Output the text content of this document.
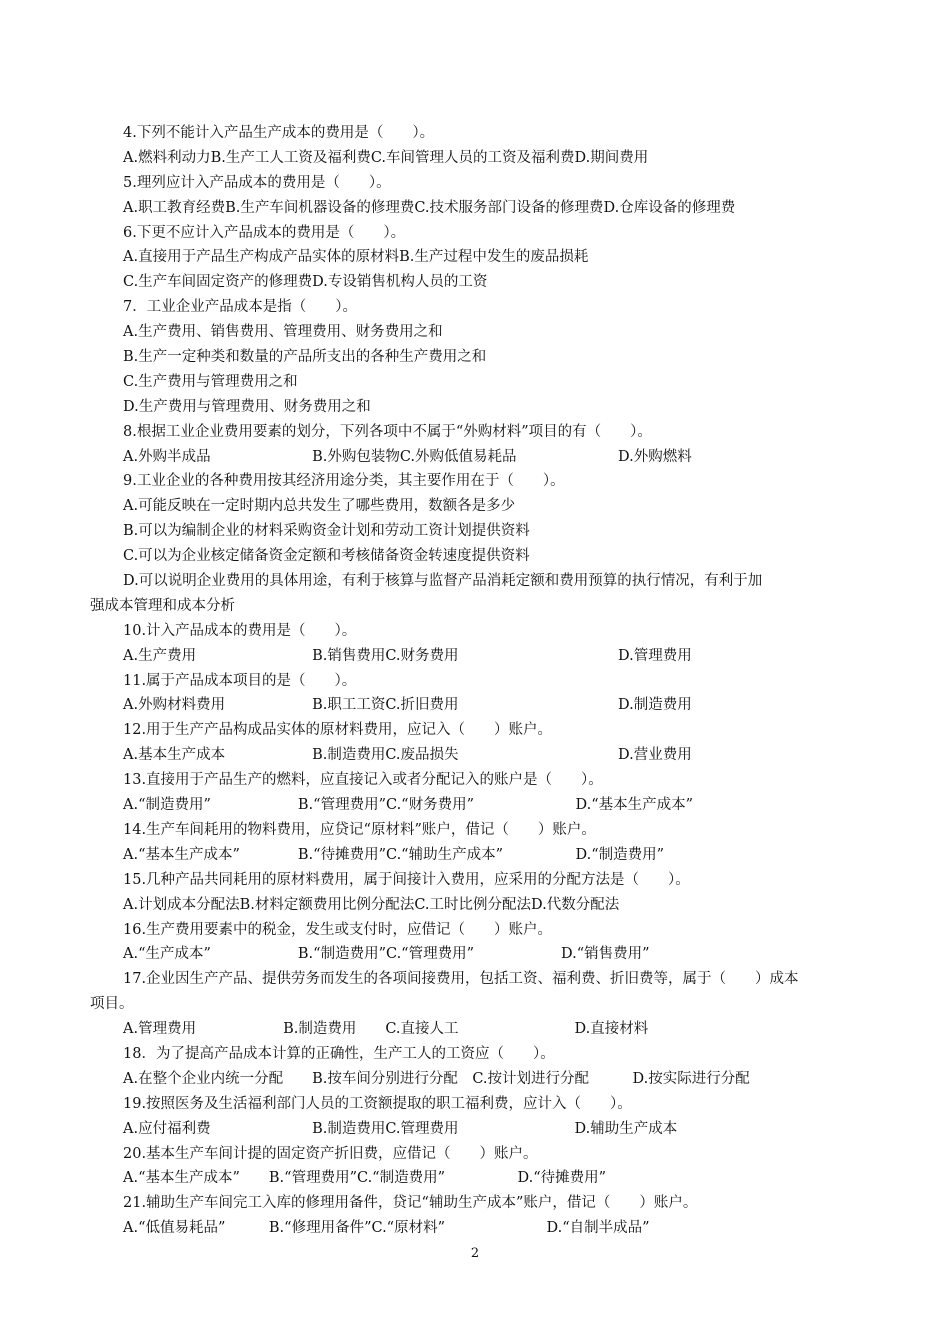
4.下列不能计入产品生产成本的费用是（　　）。
A.燃料利动力B.生产工人工资及福利费C.车间管理人员的工资及福利费D.期间费用
5.理列应计入产品成本的费用是（　　）。
A.职工教育经费B.生产车间机器设备的修理费C.技术服务部门设备的修理费D.仓库设备的修理费
6.下更不应计入产品成本的费用是（　　）。
A.直接用于产品生产构成产品实体的原材料B.生产过程中发生的废品损耗
C.生产车间固定资产的修理费D.专设销售机构人员的工资
7．工业企业产品成本是指（　　）。
A.生产费用、销售费用、管理费用、财务费用之和
B.生产一定种类和数量的产品所支出的各种生产费用之和
C.生产费用与管理费用之和
D.生产费用与管理费用、财务费用之和
8.根据工业企业费用要素的划分，下列各项中不属于“外购材料”项目的有（　　）。
A.外购半成品　　　　　　　B.外购包装物C.外购低值易耗品　　　　　　　D.外购燃料
9.工业企业的各种费用按其经济用途分类，其主要作用在于（　　）。
A.可能反映在一定时期内总共发生了哪些费用，数额各是多少
B.可以为编制企业的材料采购资金计划和劳动工资计划提供资料
C.可以为企业核定储备资金定额和考核储备资金转速度提供资料
D.可以说明企业费用的具体用途，有利于核算与监督产品消耗定额和费用预算的执行情况，有利于加
强成本管理和成本分析
10.计入产品成本的费用是（　　）。
A.生产费用　　　　　　　　B.销售费用C.财务费用　　　　　　　　　　　D.管理费用
11.属于产品成本项目的是（　　）。
A.外购材料费用　　　　　　B.职工工资C.折旧费用　　　　　　　　　　　D.制造费用
12.用于生产产品构成品实体的原材料费用，应记入（　　）账户。
A.基本生产成本　　　　　　B.制造费用C.废品损失　　　　　　　　　　　D.营业费用
13.直接用于产品生产的燃料，应直接记入或者分配记入的账户是（　　）。
A.“制造费用”　　　　　　B.“管理费用”C.“财务费用”　　　　　　　D.“基本生产成本”
14.生产车间耗用的物料费用，应贷记“原材料”账户，借记（　　）账户。
A.“基本生产成本”　　　　B.“待摊费用”C.“辅助生产成本”　　　　　D.“制造费用”
15.几种产品共同耗用的原材料费用，属于间接计入费用，应采用的分配方法是（　　）。
A.计划成本分配法B.材料定额费用比例分配法C.工时比例分配法D.代数分配法
16.生产费用要素中的税金，发生或支付时，应借记（　　）账户。
A.“生产成本”　　　　　　B.“制造费用”C.“管理费用”　　　　　　D.“销售费用”
17.企业因生产产品、提供劳务而发生的各项间接费用，包括工资、福利费、折旧费等，属于（　　）成本
项目。
A.管理费用　　　　　　B.制造费用　　C.直接人工　　　　　　　　D.直接材料
18．为了提高产品成本计算的正确性，生产工人的工资应（　　）。
A.在整个企业内统一分配　　B.按车间分别进行分配　C.按计划进行分配　　　D.按实际进行分配
19.按照医务及生活福利部门人员的工资额提取的职工福利费，应计入（　　）。
A.应付福利费　　　　　　　B.制造费用C.管理费用　　　　　　　　D.辅助生产成本
20.基本生产车间计提的固定资产折旧费，应借记（　　）账户。
A.“基本生产成本”　　B.“管理费用”C.“制造费用”　　　　　D.“待摊费用”
21.辅助生产车间完工入库的修理用备件，贷记“辅助生产成本”账户，借记（　　）账户。
A.“低值易耗品”　　　B.“修理用备件”C.“原材料”　　　　　　　D.“自制半成品”
2
